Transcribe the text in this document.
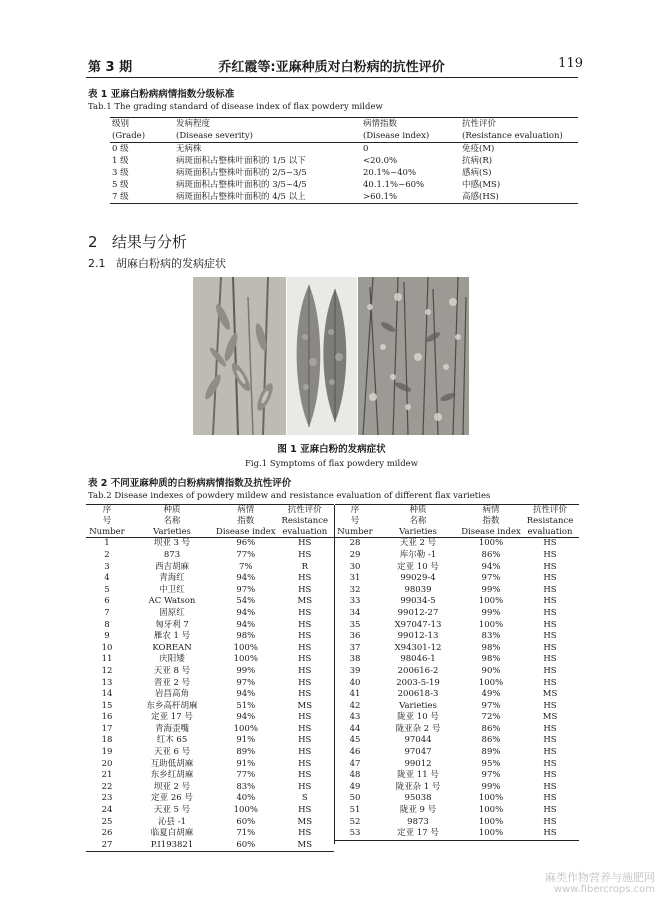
第 3 期	乔红霞等:亚麻种质对白粉病的抗性评价	119
表 1 亚麻白粉病病情指数分级标准
Tab.1 The grading standard of disease index of flax powdery mildew
级别	发病程度	病情指数	抗性评价
(Grade)	(Disease severity)	(Disease index)	(Resistance evaluation)
0 级	无病株	0	免疫(M)
1 级	病斑面积占整株叶面积的 1/5 以下	<20.0%	抗病(R)
3 级	病斑面积占整株叶面积的 2/5~3/5	20.1%~40%	感病(S)
5 级	病斑面积占整株叶面积的 3/5~4/5	40.1.1%~60%	中感(MS)
7 级	病斑面积占整株叶面积的 4/5 以上	>60.1%	高感(HS)
2 结果与分析
2.1 胡麻白粉病的发病症状
图 1 亚麻白粉的发病症状
Fig.1 Symptoms of flax powdery mildew
表 2 不同亚麻种质的白粉病病情指数及抗性评价
Tab.2 Disease indexes of powdery mildew and resistance evaluation of different flax varieties
序	种质	病情	抗性评价
号	名称	指数	Resistance
Number	Varieties	Disease index	evaluation
1	坝亚 3 号	96%	HS
2	873	77%	HS
3	西吉胡麻	7%	R
4	青海红	94%	HS
5	中卫红	97%	HS
6	AC Watson	54%	MS
7	固原红	94%	HS
8	匈牙利 7	94%	HS
9	雁农 1 号	98%	HS
10	KOREAN	100%	HS
11	庆阳矮	100%	HS
12	天亚 8 号	99%	HS
13	晋亚 2 号	97%	HS
14	岩昌高角	94%	HS
15	东乡高杆胡麻	51%	MS
16	定亚 17 号	94%	HS
17	青海歪嘴	100%	HS
18	红木 65	91%	HS
19	天亚 6 号	89%	HS
20	互助低胡麻	91%	HS
21	东乡红胡麻	77%	HS
22	坝亚 2 号	83%	HS
23	定亚 26 号	40%	S
24	天亚 5 号	100%	HS
25	沁县 -1	60%	MS
26	临夏白胡麻	71%	HS
27	P.I193821	60%	MS
序	种质	病情	抗性评价
号	名称	指数	Resistance
Number	Varieties	Disease index	evaluation
28	天亚 2 号	100%	HS
29	库尔勒 -1	86%	HS
30	定亚 10 号	94%	HS
31	99029-4	97%	HS
32	98039	99%	HS
33	99034-5	100%	HS
34	99012-27	99%	HS
35	X97047-13	100%	HS
36	99012-13	83%	HS
37	X94301-12	98%	HS
38	98046-1	98%	HS
39	200616-2	90%	HS
40	2003-5-19	100%	HS
41	200618-3	49%	MS
42	Varieties	97%	HS
43	陇亚 10 号	72%	MS
44	陇亚杂 2 号	86%	HS
45	97044	86%	HS
46	97047	89%	HS
47	99012	95%	HS
48	陇亚 11 号	97%	HS
49	陇亚杂 1 号	99%	HS
50	95038	100%	HS
51	陇亚 9 号	100%	HS
52	9873	100%	HS
53	定亚 17 号	100%	HS
麻类作物营养与施肥网
www.fibercrops.com
